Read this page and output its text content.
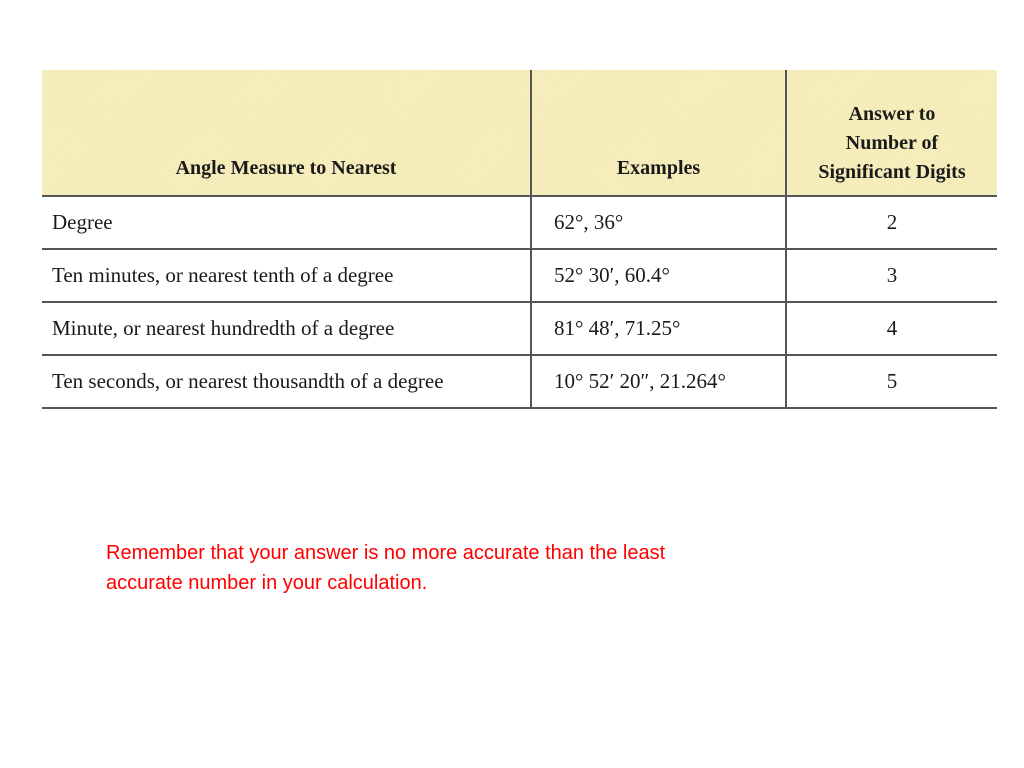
Angle Measure to Nearest	Examples	Answer to
Number of
Significant Digits

Degree	62°, 36°	2
Ten minutes, or nearest tenth of a degree	52° 30′, 60.4°	3
Minute, or nearest hundredth of a degree	81° 48′, 71.25°	4
Ten seconds, or nearest thousandth of a degree	10° 52′ 20″, 21.264°	5

Remember that your answer is no more accurate than the least
accurate number in your calculation.
